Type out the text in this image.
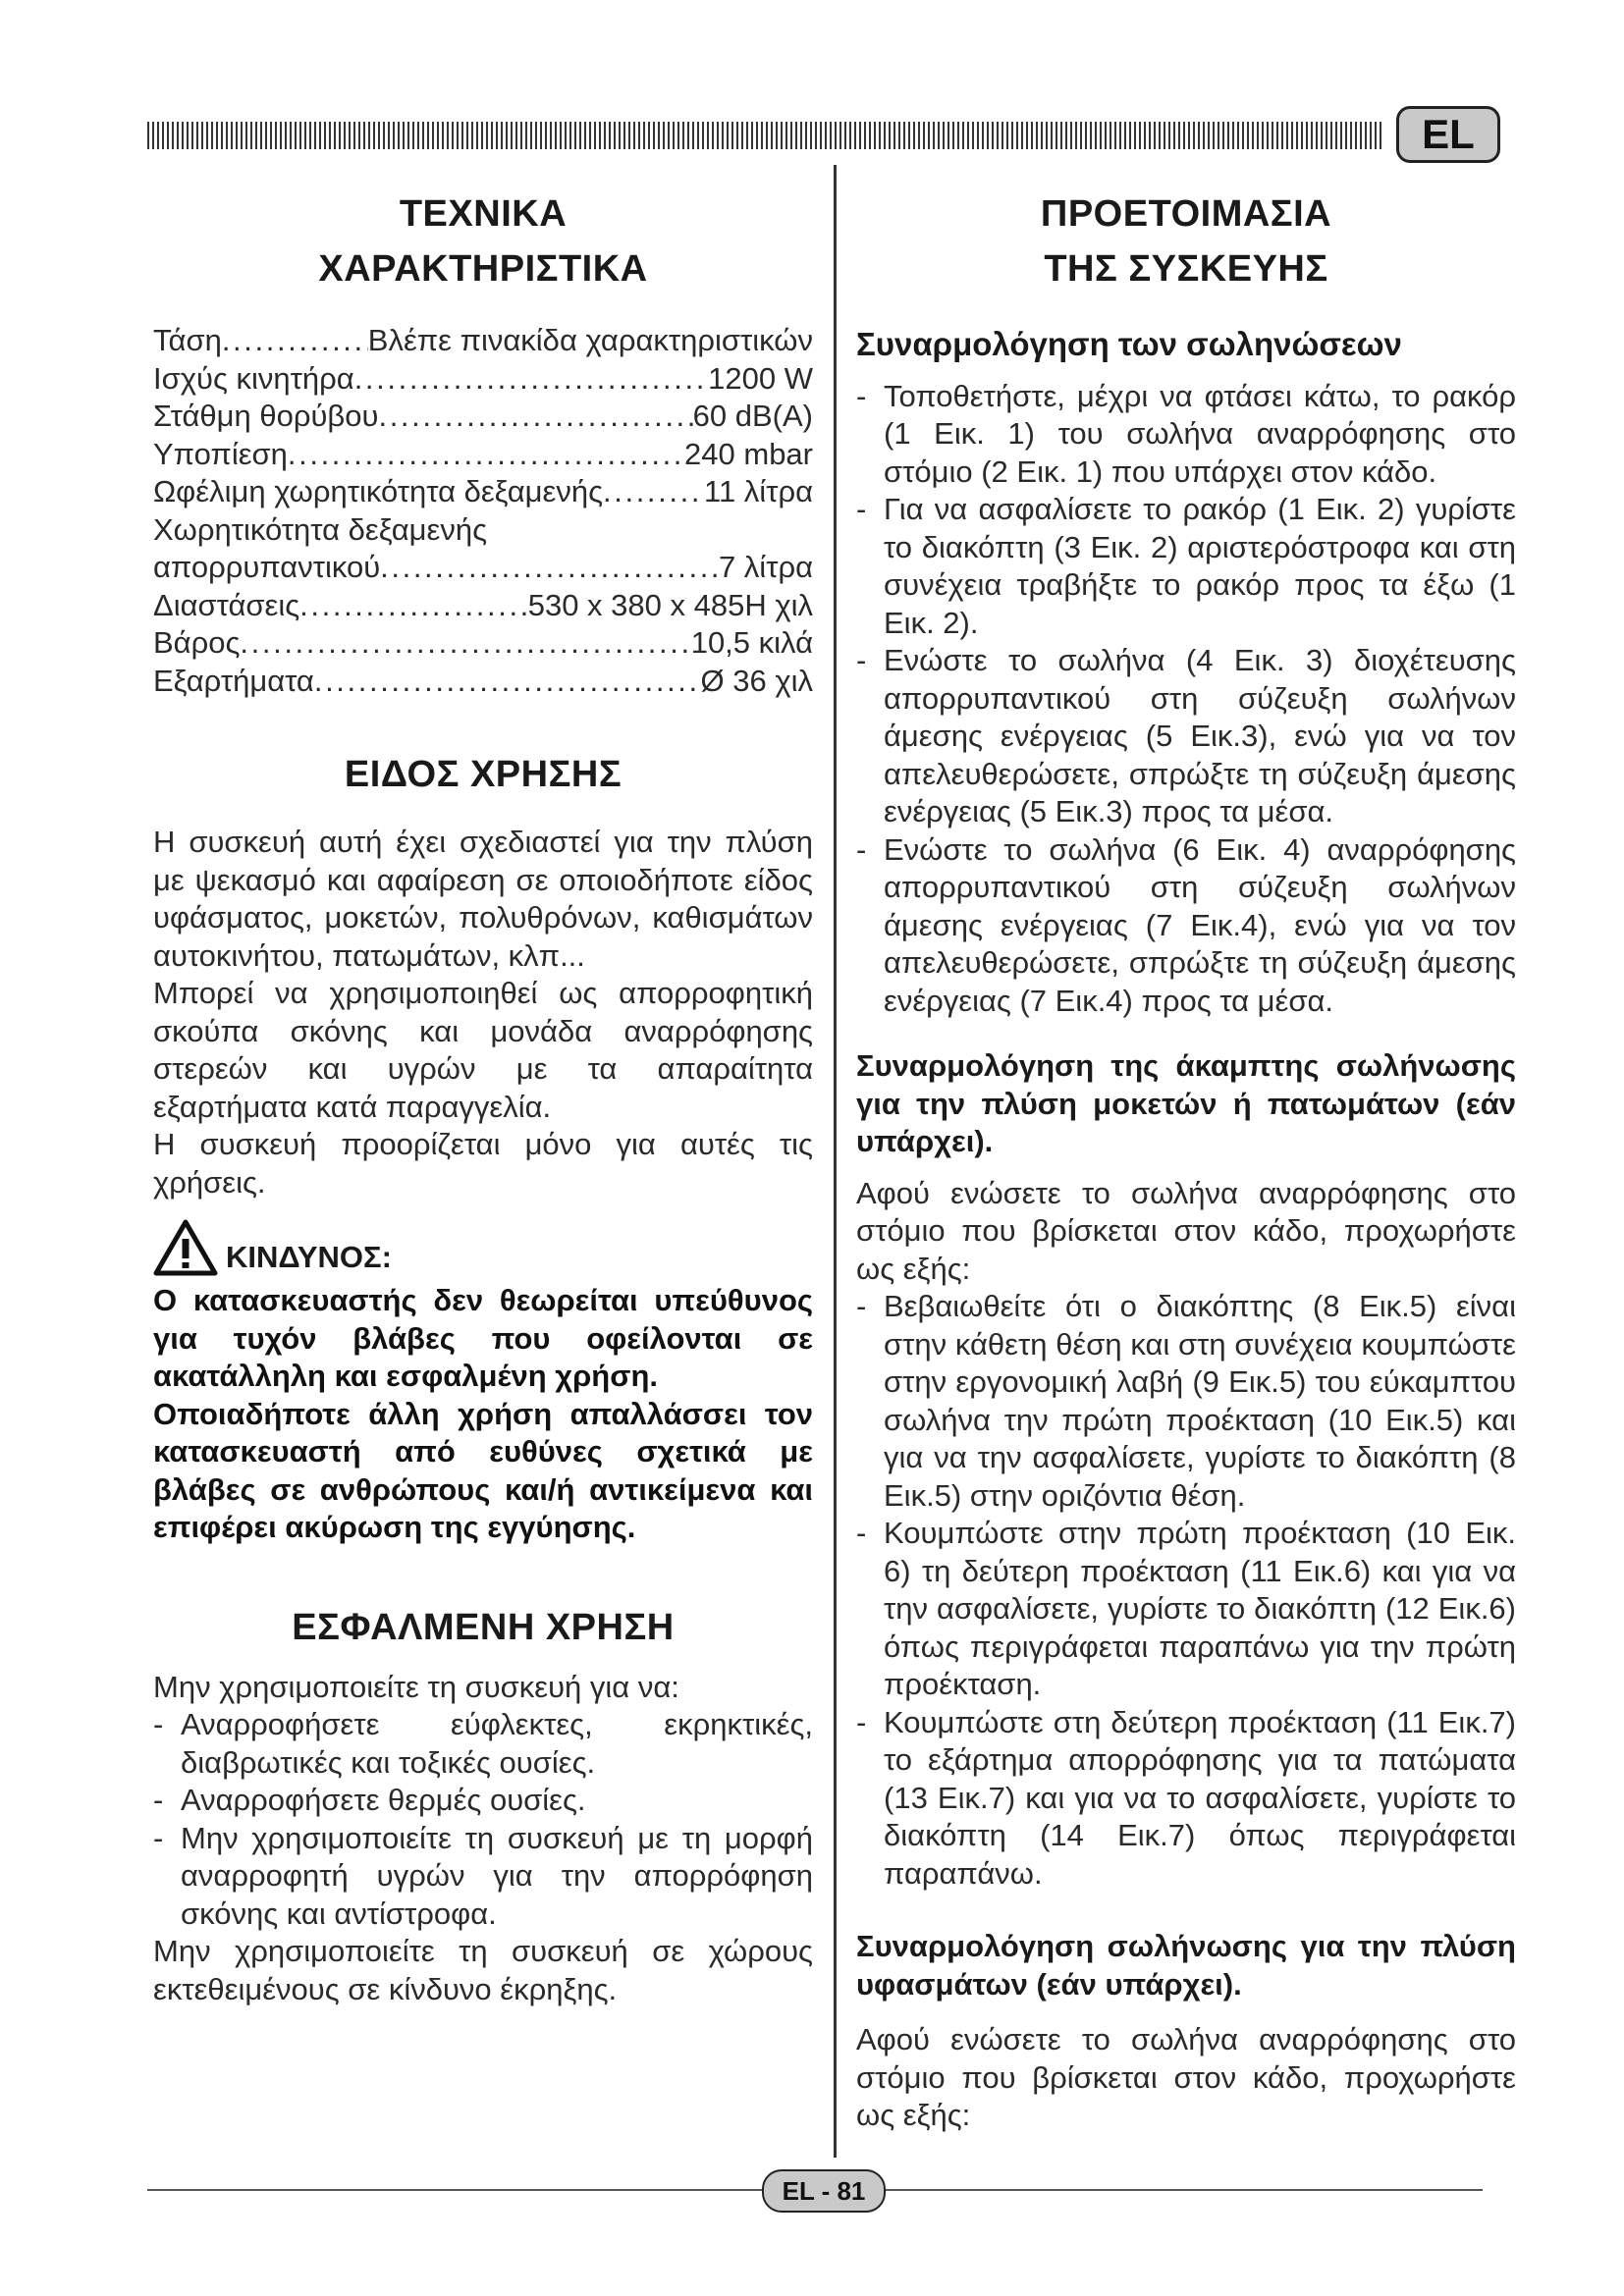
EL
ΤΕΧΝΙΚΑ
ΧΑΡΑΚΤΗΡΙΣΤΙΚΑ
Τάση . . .	Βλέπε πινακίδα χαρακτηριστικών
Ισχύς κινητήρα . . .	1200 W
Στάθμη θορύβου . . .	60 dB(A)
Υποπίεση . . .	240 mbar
Ωφέλιμη χωρητικότητα δεξαμενής . . .	11 λίτρα
Χωρητικότητα δεξαμενής
απορρυπαντικού . . .	7 λίτρα
Διαστάσεις . . .	530 x 380 x 485H χιλ
Βάρος . . .	10,5 κιλά
Εξαρτήματα . . .	Ø 36 χιλ
ΕΙΔΟΣ ΧΡΗΣΗΣ

Η συσκευή αυτή έχει σχεδιαστεί για την πλύση με ψεκασμό και αφαίρεση σε οποιοδήποτε είδος υφάσματος, μοκετών, πολυθρόνων, καθισμάτων αυτοκινήτου, πατωμάτων, κλπ...

Μπορεί να χρησιμοποιηθεί ως απορροφητική σκούπα σκόνης και μονάδα αναρρόφησης στερεών και υγρών με τα απαραίτητα εξαρτήματα κατά παραγγελία.

Η συσκευή προορίζεται μόνο για αυτές τις χρήσεις.

ΚΙΝΔΥΝΟΣ:

Ο κατασκευαστής δεν θεωρείται υπεύθυνος για τυχόν βλάβες που οφείλονται σε ακατάλληλη και εσφαλμένη χρήση.

Οποιαδήποτε άλλη χρήση απαλλάσσει τον κατασκευαστή από ευθύνες σχετικά με βλάβες σε ανθρώπους και/ή αντικείμενα και επιφέρει ακύρωση της εγγύησης.

ΕΣΦΑΛΜΕΝΗ ΧΡΗΣΗ

Μην χρησιμοποιείτε τη συσκευή για να:

- Αναρροφήσετε εύφλεκτες, εκρηκτικές, διαβρωτικές και τοξικές ουσίες.
- Αναρροφήσετε θερμές ουσίες.
- Μην χρησιμοποιείτε τη συσκευή με τη μορφή αναρροφητή υγρών για την απορρόφηση σκόνης και αντίστροφα.

Μην χρησιμοποιείτε τη συσκευή σε χώρους εκτεθειμένους σε κίνδυνο έκρηξης.

ΠΡΟΕΤΟΙΜΑΣΙΑ
ΤΗΣ ΣΥΣΚΕΥΗΣ
Συναρμολόγηση των σωληνώσεων
- Τοποθετήστε, μέχρι να φτάσει κάτω, το ρακόρ (1 Εικ. 1) του σωλήνα αναρρόφησης στο στόμιο (2 Εικ. 1) που υπάρχει στον κάδο.
- Για να ασφαλίσετε το ρακόρ (1 Εικ. 2) γυρίστε το διακόπτη (3 Εικ. 2) αριστερόστροφα και στη συνέχεια τραβήξτε το ρακόρ προς τα έξω (1 Εικ. 2).
- Ενώστε το σωλήνα (4 Εικ. 3) διοχέτευσης απορρυπαντικού στη σύζευξη σωλήνων άμεσης ενέργειας (5 Εικ.3), ενώ για να τον απελευθερώσετε, σπρώξτε τη σύζευξη άμεσης ενέργειας (5 Εικ.3) προς τα μέσα.
- Ενώστε το σωλήνα (6 Εικ. 4) αναρρόφησης απορρυπαντικού στη σύζευξη σωλήνων άμεσης ενέργειας (7 Εικ.4), ενώ για να τον απελευθερώσετε, σπρώξτε τη σύζευξη άμεσης ενέργειας (7 Εικ.4) προς τα μέσα.
Συναρμολόγηση της άκαμπτης σωλήνωσης για την πλύση μοκετών ή πατωμάτων (εάν υπάρχει).

Αφού ενώσετε το σωλήνα αναρρόφησης στο στόμιο που βρίσκεται στον κάδο, προχωρήστε ως εξής:

- Βεβαιωθείτε ότι ο διακόπτης (8 Εικ.5) είναι στην κάθετη θέση και στη συνέχεια κουμπώστε στην εργονομική λαβή (9 Εικ.5) του εύκαμπτου σωλήνα την πρώτη προέκταση (10 Εικ.5) και για να την ασφαλίσετε, γυρίστε το διακόπτη (8 Εικ.5) στην οριζόντια θέση.
- Κουμπώστε στην πρώτη προέκταση (10 Εικ. 6) τη δεύτερη προέκταση (11 Εικ.6) και για να την ασφαλίσετε, γυρίστε το διακόπτη (12 Εικ.6) όπως περιγράφεται παραπάνω για την πρώτη προέκταση.
- Κουμπώστε στη δεύτερη προέκταση (11 Εικ.7) το εξάρτημα απορρόφησης για τα πατώματα (13 Εικ.7) και για να το ασφαλίσετε, γυρίστε το διακόπτη (14 Εικ.7) όπως περιγράφεται παραπάνω.
Συναρμολόγηση σωλήνωσης για την πλύση υφασμάτων (εάν υπάρχει).

Αφού ενώσετε το σωλήνα αναρρόφησης στο στόμιο που βρίσκεται στον κάδο, προχωρήστε ως εξής:

EL - 81
